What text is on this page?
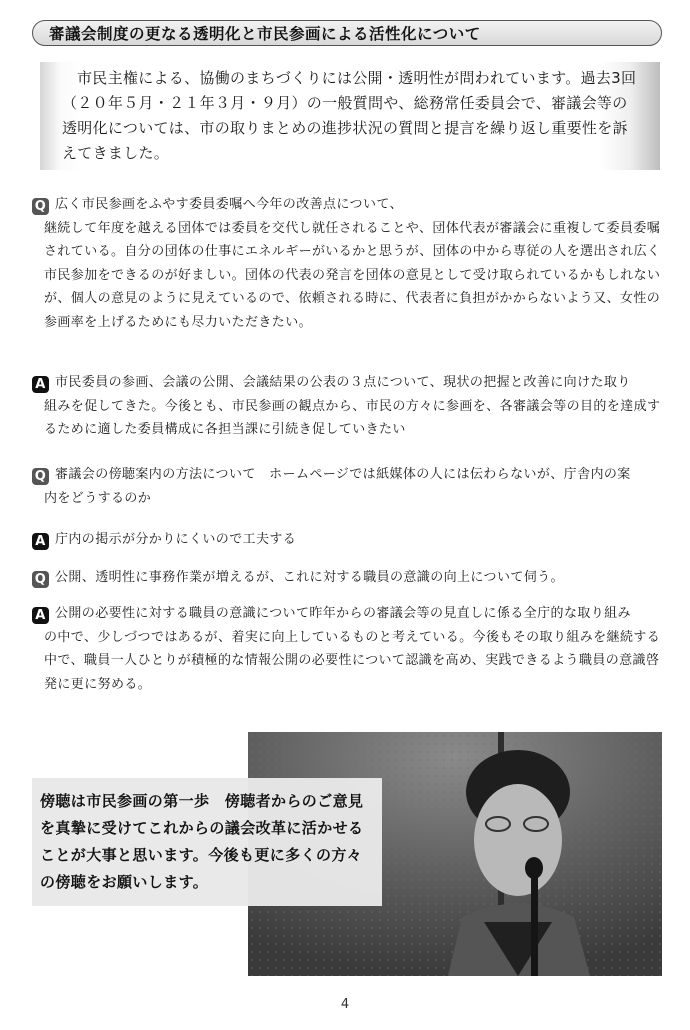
審議会制度の更なる透明化と市民参画による活性化について
市民主権による、協働のまちづくりには公開・透明性が問われています。過去3回（２０年５月・２１年３月・９月）の一般質問や、総務常任委員会で、審議会等の透明化については、市の取りまとめの進捗状況の質問と提言を繰り返し重要性を訴えてきました。
Q 広く市民参画をふやす委員委嘱へ今年の改善点について、
継続して年度を越える団体では委員を交代し就任されることや、団体代表が審議会に重複して委員委嘱されている。自分の団体の仕事にエネルギーがいるかと思うが、団体の中から専従の人を選出され広く市民参加をできるのが好ましい。団体の代表の発言を団体の意見として受け取られているかもしれないが、個人の意見のように見えているので、依頼される時に、代表者に負担がかからないよう又、女性の参画率を上げるためにも尽力いただきたい。
A 市民委員の参画、会議の公開、会議結果の公表の３点について、現状の把握と改善に向けた取り
組みを促してきた。今後とも、市民参画の観点から、市民の方々に参画を、各審議会等の目的を達成するために適した委員構成に各担当課に引続き促していきたい
Q 審議会の傍聴案内の方法について　ホームページでは紙媒体の人には伝わらないが、庁舎内の案
内をどうするのか
A 庁内の掲示が分かりにくいので工夫する
Q 公開、透明性に事務作業が増えるが、これに対する職員の意識の向上について伺う。
A 公開の必要性に対する職員の意識について昨年からの審議会等の見直しに係る全庁的な取り組み
の中で、少しづつではあるが、着実に向上しているものと考えている。今後もその取り組みを継続する中で、職員一人ひとりが積極的な情報公開の必要性について認識を高め、実践できるよう職員の意識啓発に更に努める。
傍聴は市民参画の第一歩　傍聴者からのご意見を真摯に受けてこれからの議会改革に活かせることが大事と思います。今後も更に多くの方々の傍聴をお願いします。
4
